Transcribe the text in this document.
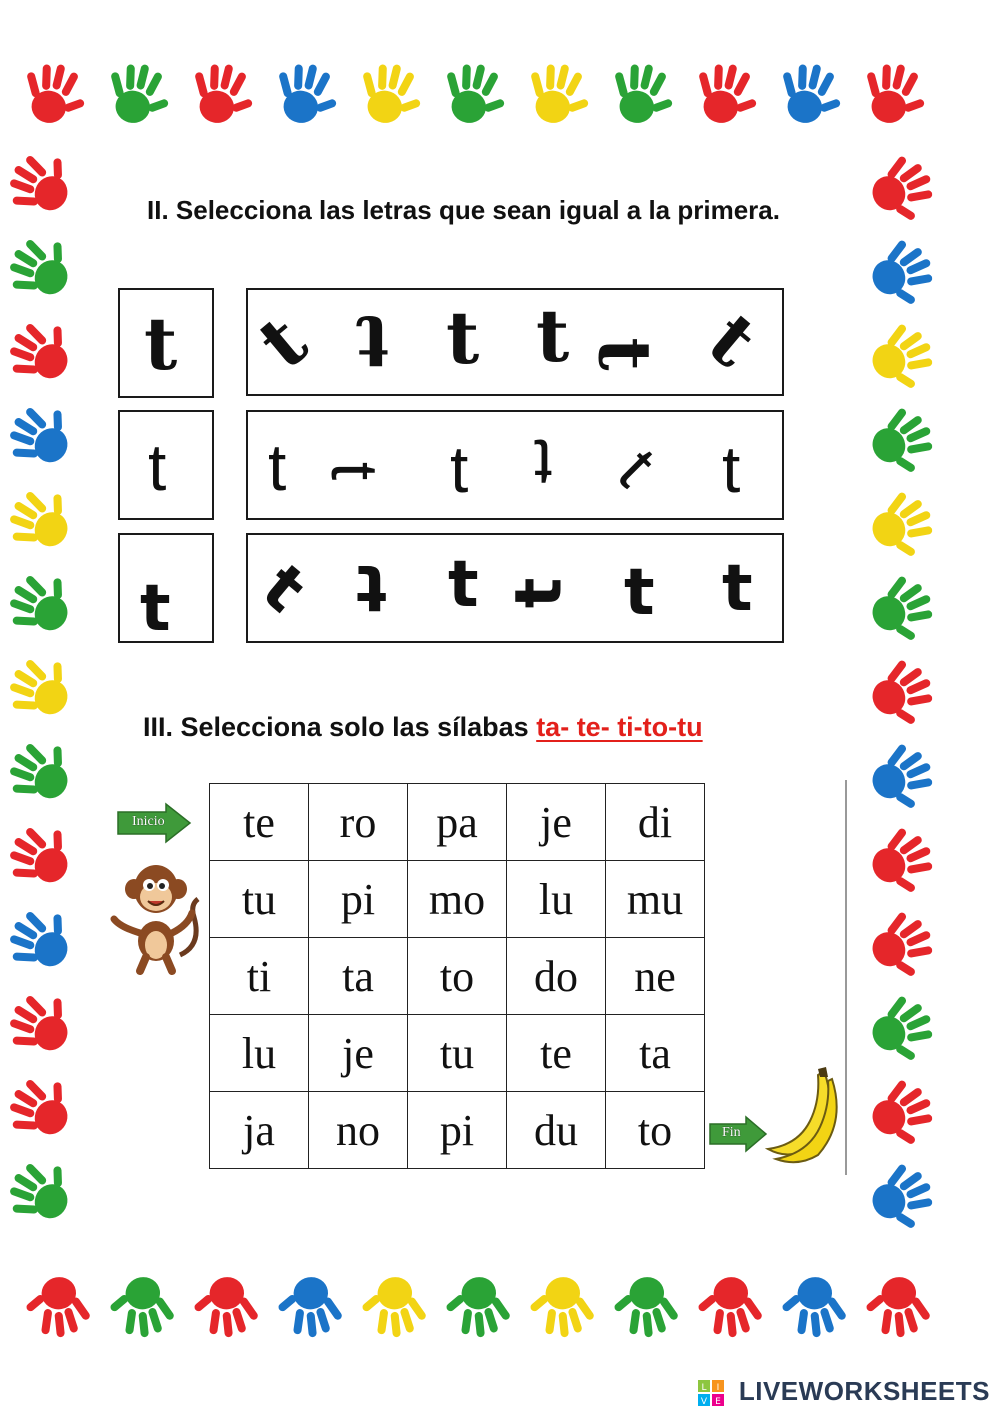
II. Selecciona las letras que sean igual a la primera.
t t t t t t t
t t t t t t t
t t t t t t t
III. Selecciona solo las sílabas ta- te- ti-to-tu
Inicio te	ro	pa	je	di
tu	pi	mo	lu	mu
ti	ta	to	do	ne
lu	je	tu	te	ta
ja	no	pi	du	to	Fin
L I
V E LIVEWORKSHEETS
